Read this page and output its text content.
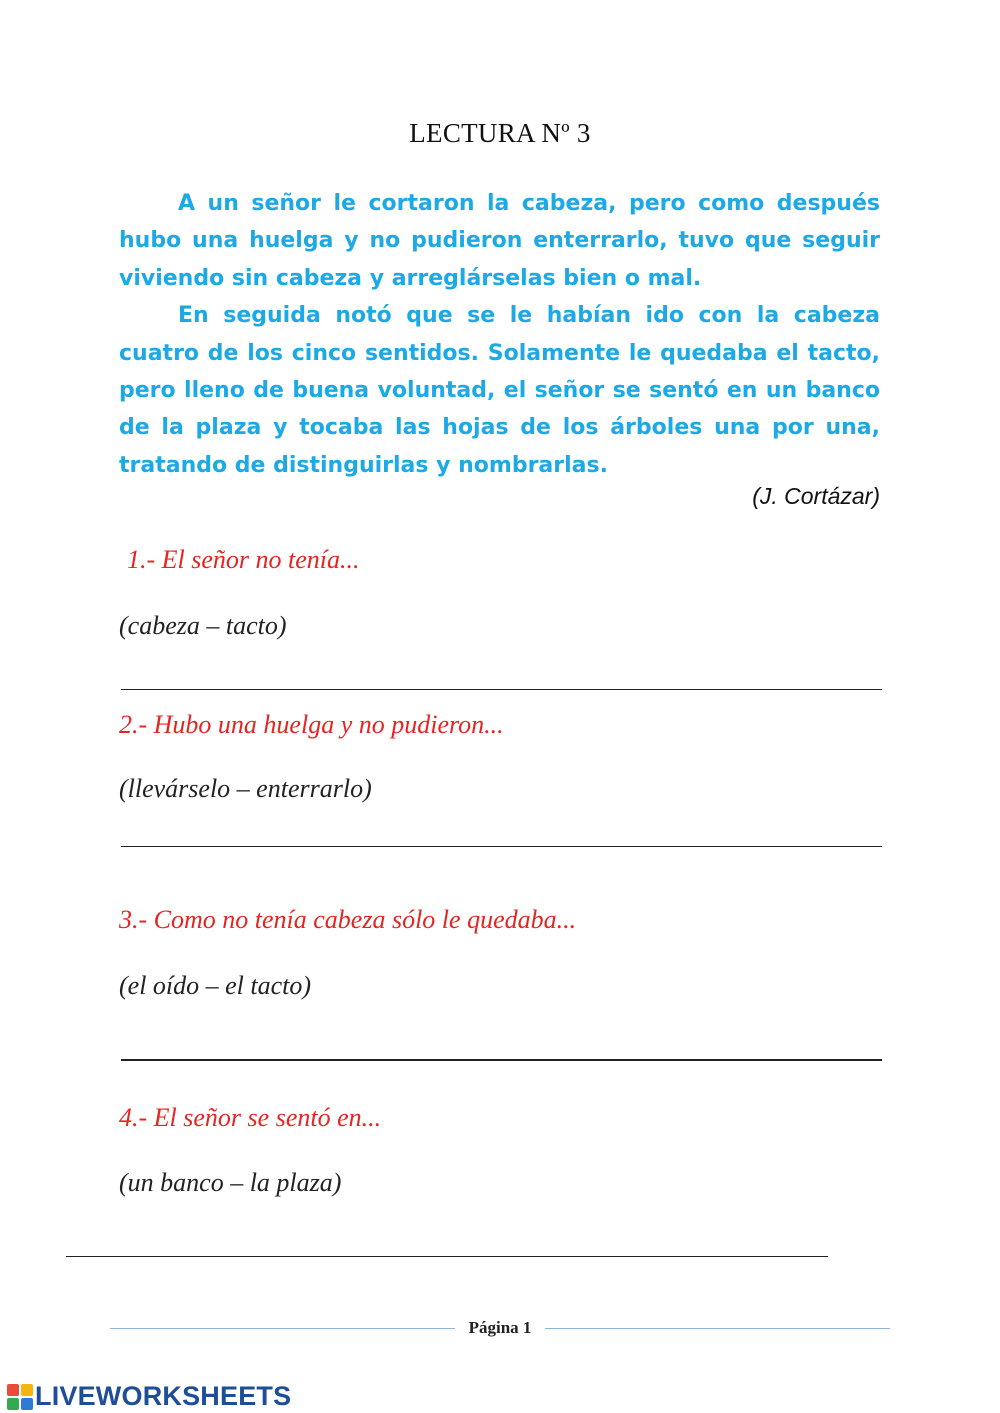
LECTURA Nº 3

A un señor le cortaron la cabeza, pero como después hubo una huelga y no pudieron enterrarlo, tuvo que seguir viviendo sin cabeza y arreglárselas bien o mal.

En seguida notó que se le habían ido con la cabeza cuatro de los cinco sentidos. Solamente le quedaba el tacto, pero lleno de buena voluntad, el señor se sentó en un banco de la plaza y tocaba las hojas de los árboles una por una, tratando de distinguirlas y nombrarlas.

(J. Cortázar)
1.- El señor no tenía...
(cabeza – tacto)
2.- Hubo una huelga y no pudieron...
(llevárselo – enterrarlo)
3.- Como no tenía cabeza sólo le quedaba...
(el oído – el tacto)
4.- El señor se sentó en...
(un banco – la plaza)
Página 1
LIVEWORKSHEETS
